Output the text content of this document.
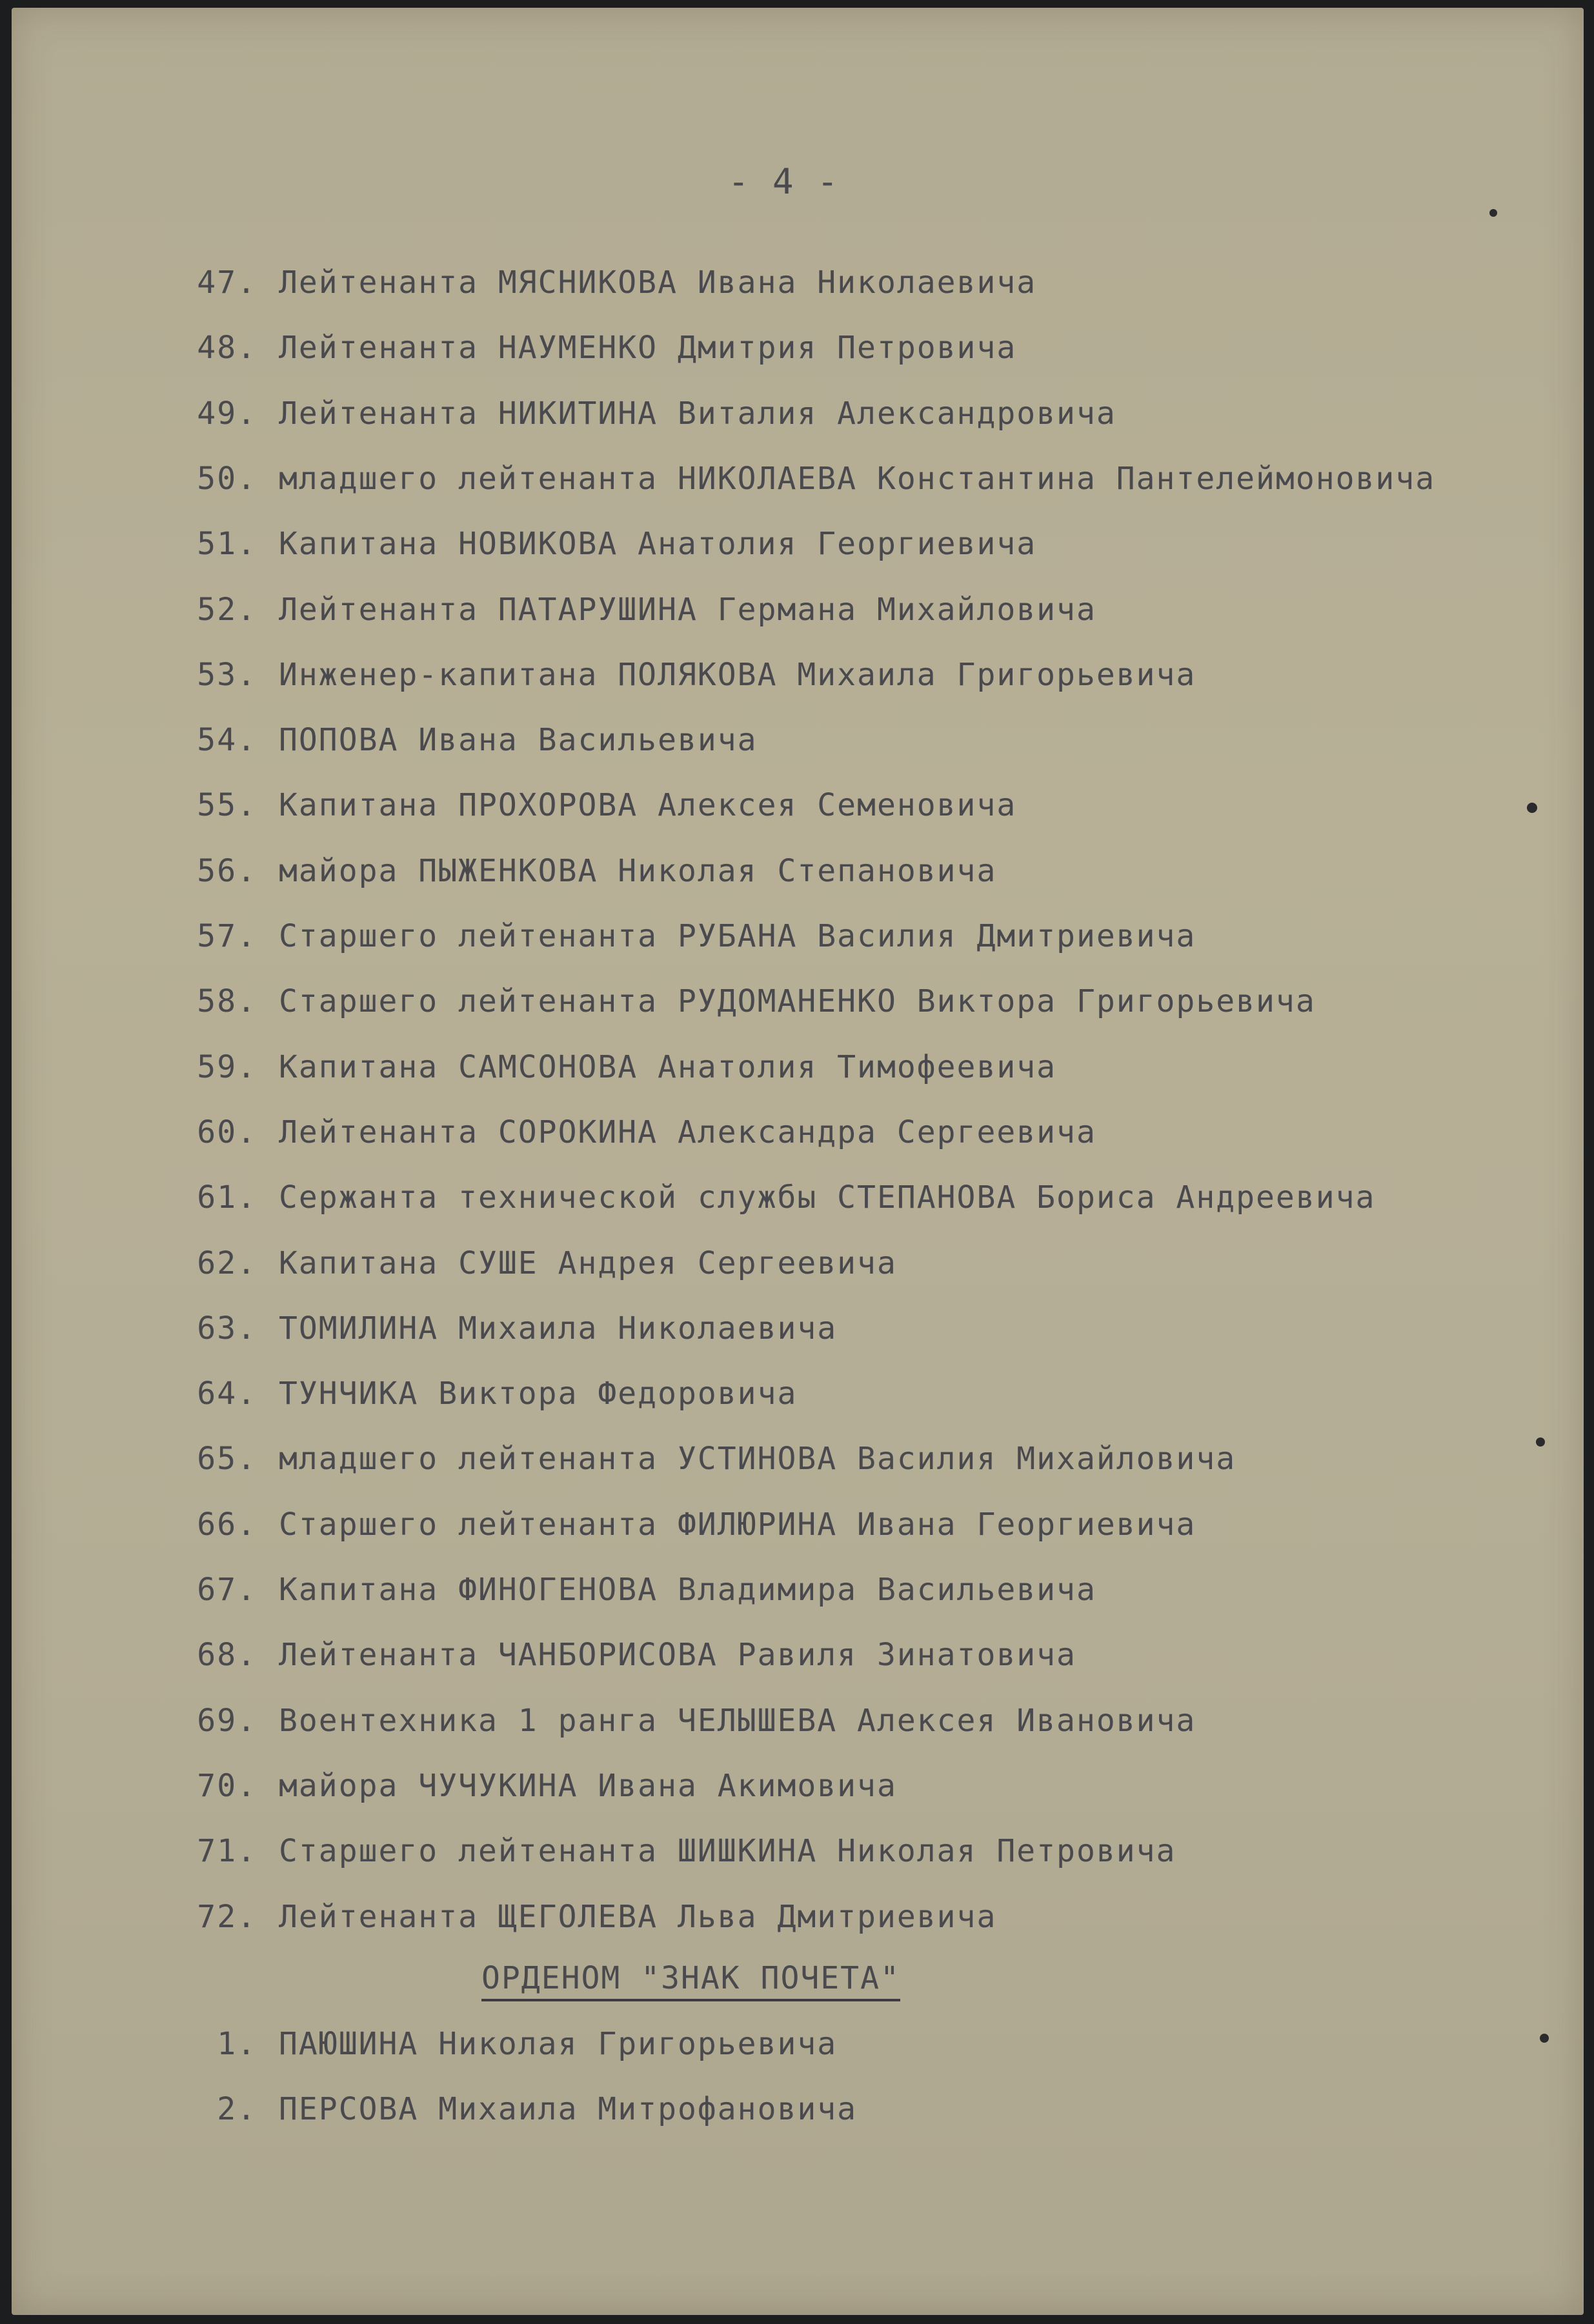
- 4 -
47. Лейтенанта МЯСНИКОВА Ивана Николаевича
48. Лейтенанта НАУМЕНКО Дмитрия Петровича
49. Лейтенанта НИКИТИНА Виталия Александровича
50. младшего лейтенанта НИКОЛАЕВА Константина Пантелеймоновича
51. Капитана НОВИКОВА Анатолия Георгиевича
52. Лейтенанта ПАТАРУШИНА Германа Михайловича
53. Инженер-капитана ПОЛЯКОВА Михаила Григорьевича
54. ПОПОВА Ивана Васильевича
55. Капитана ПРОХОРОВА Алексея Семеновича
56. майора ПЫЖЕНКОВА Николая Степановича
57. Старшего лейтенанта РУБАНА Василия Дмитриевича
58. Старшего лейтенанта РУДОМАНЕНКО Виктора Григорьевича
59. Капитана САМСОНОВА Анатолия Тимофеевича
60. Лейтенанта СОРОКИНА Александра Сергеевича
61. Сержанта технической службы СТЕПАНОВА Бориса Андреевича
62. Капитана СУШЕ Андрея Сергеевича
63. ТОМИЛИНА Михаила Николаевича
64. ТУНЧИКА Виктора Федоровича
65. младшего лейтенанта УСТИНОВА Василия Михайловича
66. Старшего лейтенанта ФИЛЮРИНА Ивана Георгиевича
67. Капитана ФИНОГЕНОВА Владимира Васильевича
68. Лейтенанта ЧАНБОРИСОВА Равиля Зинатовича
69. Воентехника 1 ранга ЧЕЛЫШЕВА Алексея Ивановича
70. майора ЧУЧУКИНА Ивана Акимовича
71. Старшего лейтенанта ШИШКИНА Николая Петровича
72. Лейтенанта ЩЕГОЛЕВА Льва Дмитриевича
ОРДЕНОМ "ЗНАК ПОЧЕТА"
1. ПАЮШИНА Николая Григорьевича
2. ПЕРСОВА Михаила Митрофановича
